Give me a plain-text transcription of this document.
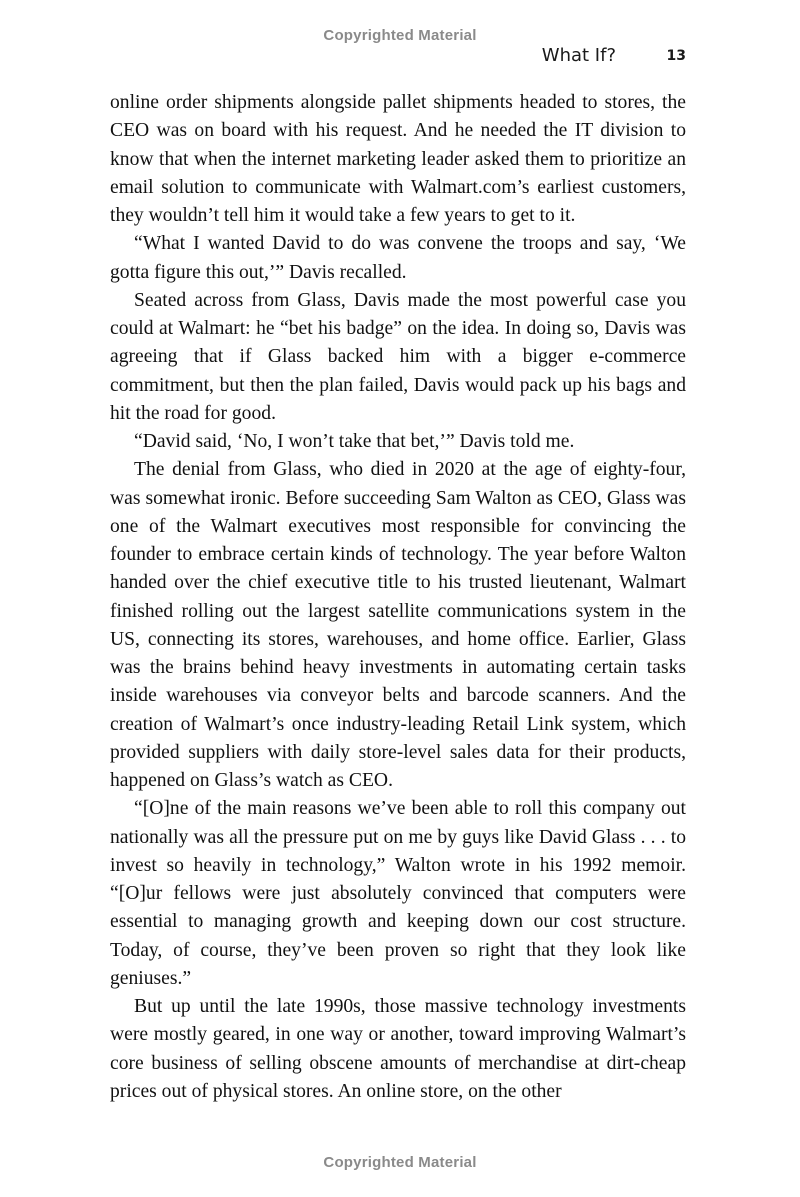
Copyrighted Material
What If?	13

online order shipments alongside pallet shipments headed to stores, the CEO was on board with his request. And he needed the IT division to know that when the internet marketing leader asked them to prioritize an email solution to communicate with Walmart.com’s earliest customers, they wouldn’t tell him it would take a few years to get to it.

“What I wanted David to do was convene the troops and say, ‘We gotta figure this out,’” Davis recalled.

Seated across from Glass, Davis made the most powerful case you could at Walmart: he “bet his badge” on the idea. In doing so, Davis was agreeing that if Glass backed him with a bigger e-commerce commitment, but then the plan failed, Davis would pack up his bags and hit the road for good.

“David said, ‘No, I won’t take that bet,’” Davis told me.

The denial from Glass, who died in 2020 at the age of eighty-four, was somewhat ironic. Before succeeding Sam Walton as CEO, Glass was one of the Walmart executives most responsible for convincing the founder to embrace certain kinds of technology. The year before Walton handed over the chief executive title to his trusted lieutenant, Walmart finished rolling out the largest satellite communications system in the US, connecting its stores, warehouses, and home office. Earlier, Glass was the brains behind heavy investments in automating certain tasks inside warehouses via conveyor belts and barcode scanners. And the creation of Walmart’s once industry-leading Retail Link system, which provided suppliers with daily store-level sales data for their products, happened on Glass’s watch as CEO.

“[O]ne of the main reasons we’ve been able to roll this company out nationally was all the pressure put on me by guys like David Glass . . . to invest so heavily in technology,” Walton wrote in his 1992 memoir. “[O]ur fellows were just absolutely convinced that computers were essential to managing growth and keeping down our cost structure. Today, of course, they’ve been proven so right that they look like geniuses.”

But up until the late 1990s, those massive technology investments were mostly geared, in one way or another, toward improving Walmart’s core business of selling obscene amounts of merchandise at dirt-cheap prices out of physical stores. An online store, on the other

Copyrighted Material
